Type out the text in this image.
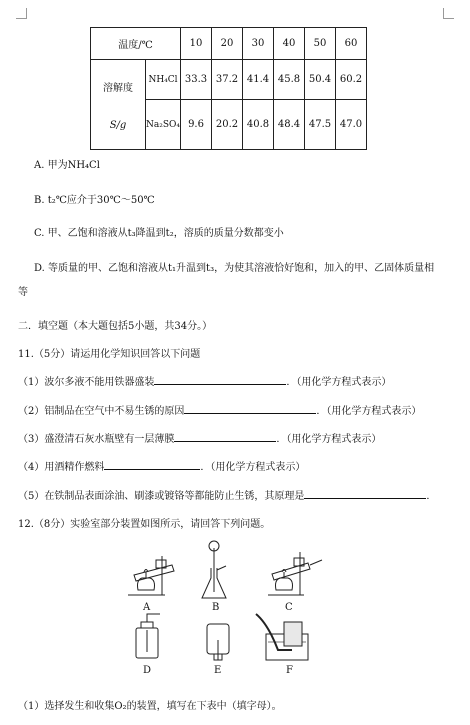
温度/℃		10	20	30	40	50	60

溶解度
S/g	NH₄Cl	33.3	37.2	41.4	45.8	50.4	60.2
	Na₂SO₄	9.6	20.2	40.8	48.4	47.5	47.0
A. 甲为NH₄Cl
B. t₂℃应介于30℃～50℃
C. 甲、乙饱和溶液从t₃降温到t₂，溶质的质量分数都变小
D. 等质量的甲、乙饱和溶液从t₁升温到t₃，为使其溶液恰好饱和，加入的甲、乙固体质量相
等
二．填空题（本大题包括5小题，共34分。）
11.（5分）请运用化学知识回答以下问题
（1）波尔多液不能用铁器盛装	．（用化学方程式表示）
（2）铝制品在空气中不易生锈的原因	．（用化学方程式表示）
（3）盛澄清石灰水瓶壁有一层薄膜	．（用化学方程式表示）
（4）用酒精作燃料	．（用化学方程式表示）
（5）在铁制品表面涂油、刷漆或镀铬等都能防止生锈，其原理是	．
12.（8分）实验室部分装置如图所示，请回答下列问题。
A	B	C
D	E	F
（1）选择发生和收集O₂的装置，填写在下表中（填字母）。
